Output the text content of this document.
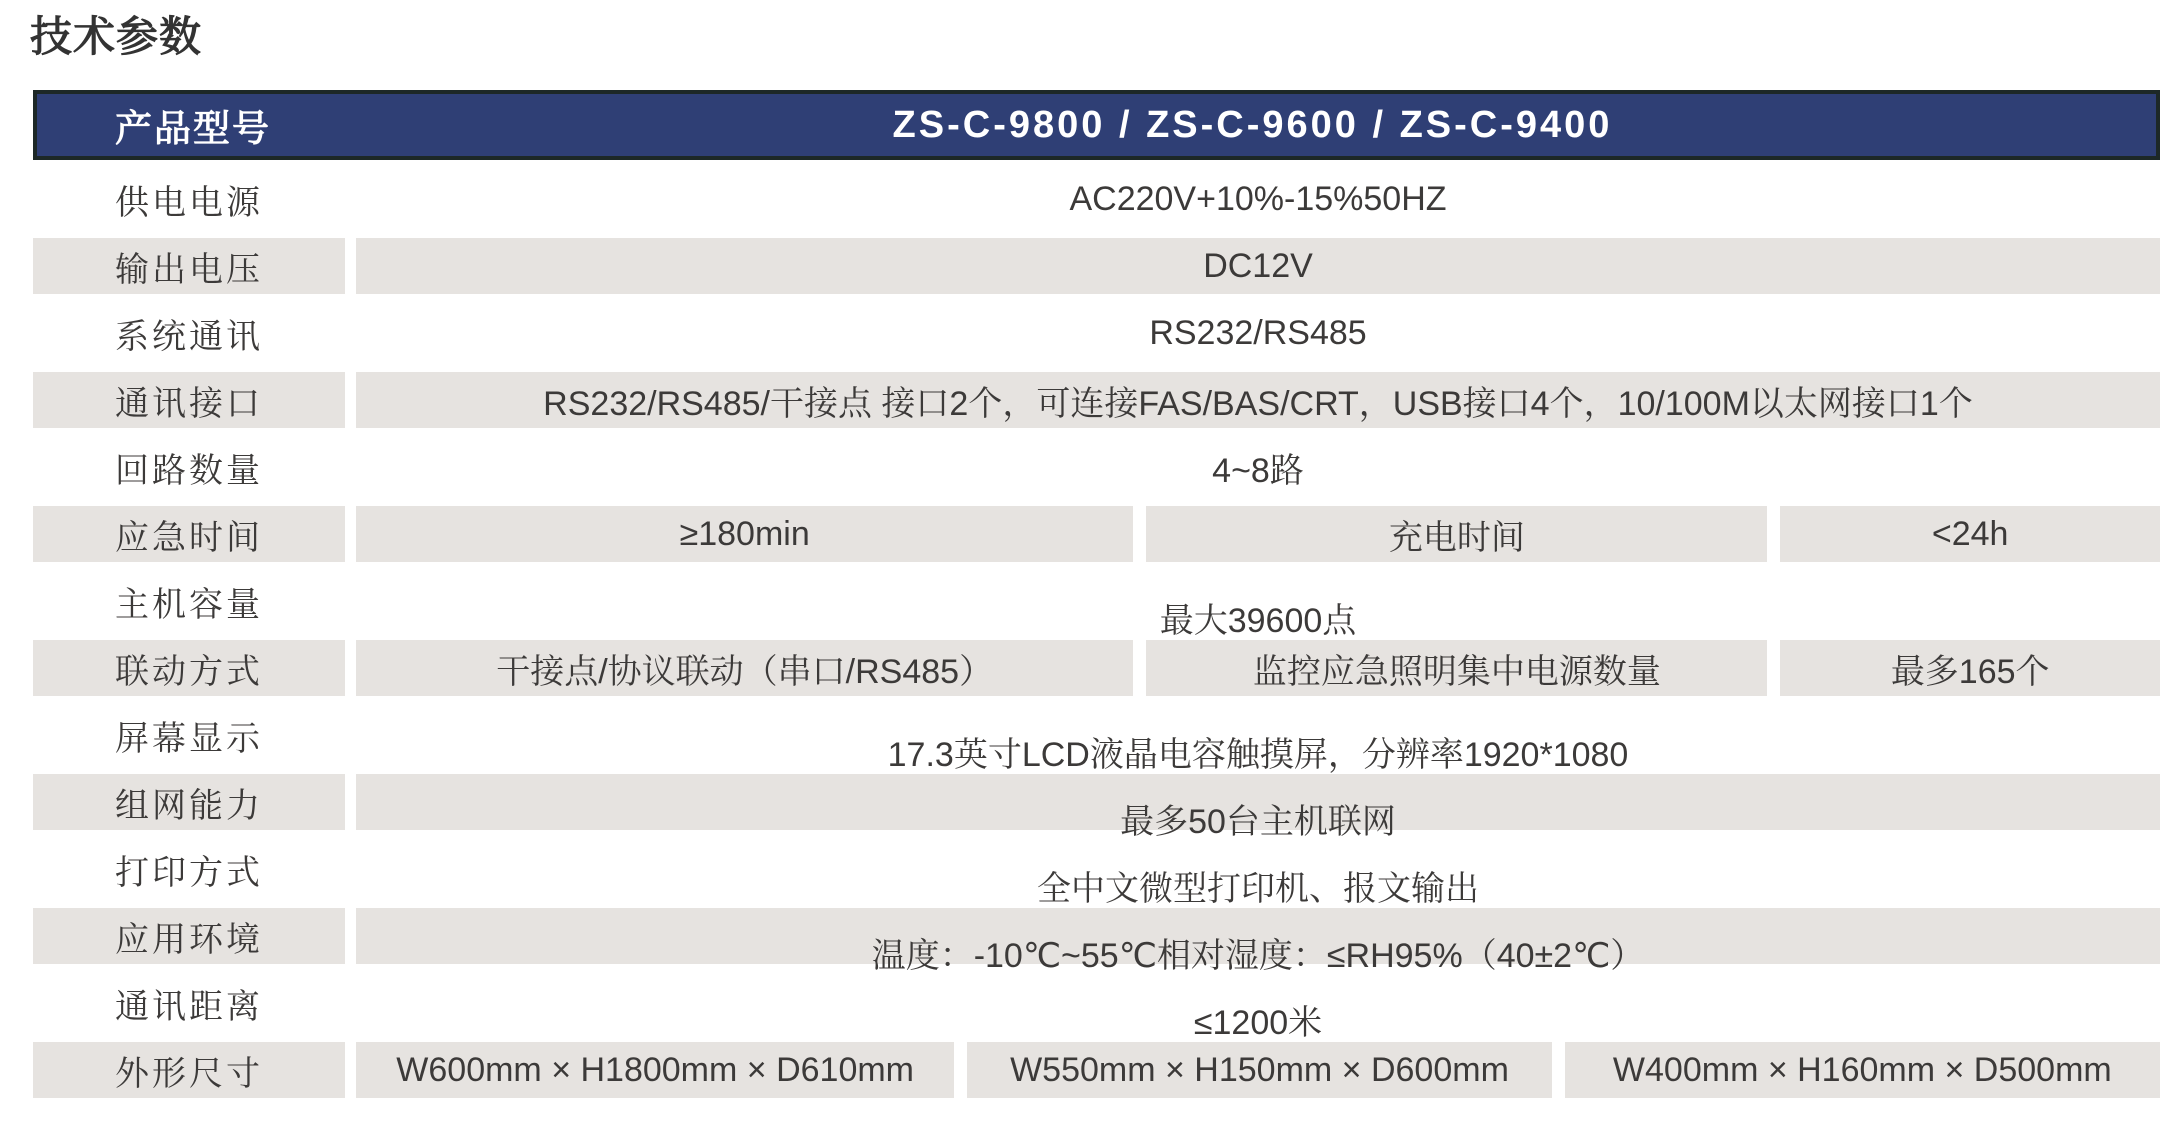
技术参数
产品型号	ZS-C-9800 / ZS-C-9600 / ZS-C-9400
供电电源	AC220V+10%-15%50HZ
输出电压	DC12V
系统通讯	RS232/RS485
通讯接口	RS232/RS485/干接点 接口2个，可连接FAS/BAS/CRT，USB接口4个，10/100M以太网接口1个
回路数量	4~8路
应急时间	≥180min	充电时间	<24h
主机容量	最大39600点
联动方式	干接点/协议联动（串口/RS485）	监控应急照明集中电源数量	最多165个
屏幕显示	17.3英寸LCD液晶电容触摸屏，分辨率1920*1080
组网能力	最多50台主机联网
打印方式	全中文微型打印机、报文输出
应用环境	温度：-10℃~55℃相对湿度：≤RH95%（40±2℃）
通讯距离	≤1200米
外形尺寸	W600mm × H1800mm × D610mm	W550mm × H150mm × D600mm	W400mm × H160mm × D500mm
